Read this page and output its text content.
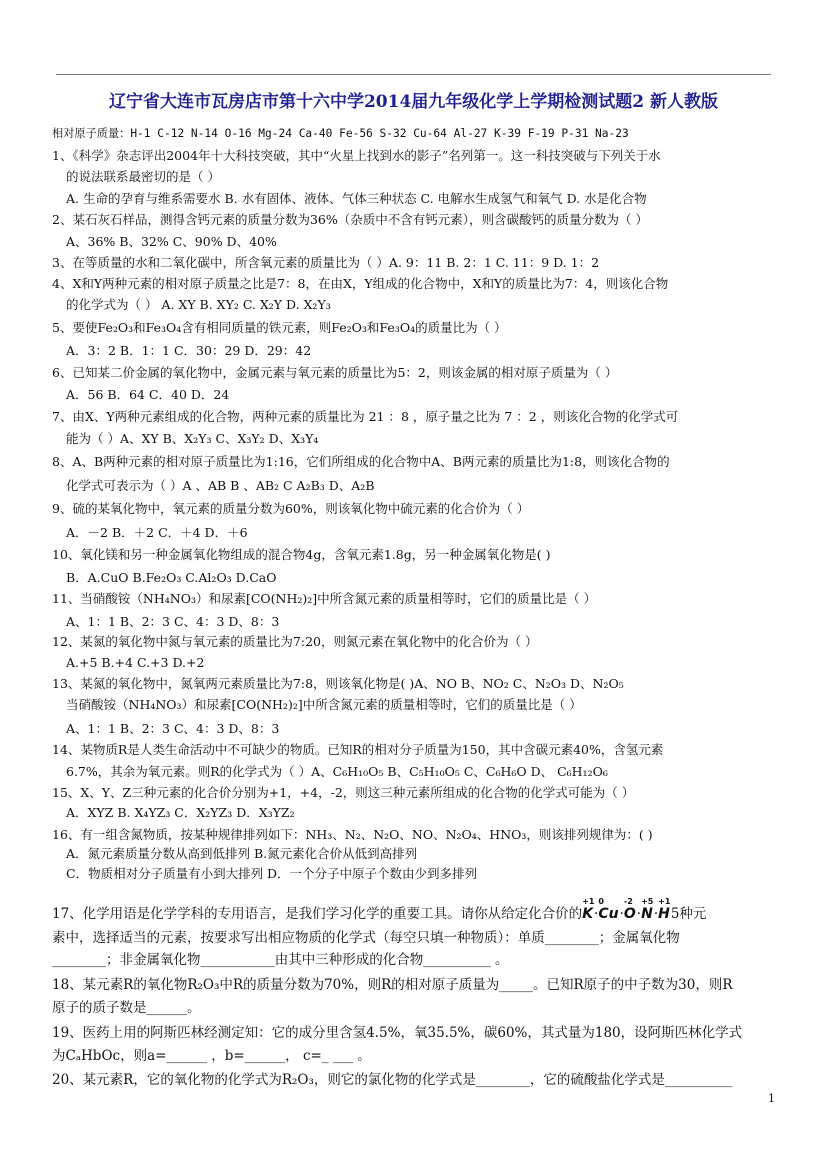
辽宁省大连市瓦房店市第十六中学2014届九年级化学上学期检测试题2 新人教版
相对原子质量：H-1 C-12 N-14 O-16 Mg-24 Ca-40 Fe-56 S-32 Cu-64 Al-27 K-39 F-19 P-31 Na-23
1、《科学》杂志评出2004年十大科技突破，其中“火星上找到水的影子”名列第一。这一科技突破与下列关于水
的说法联系最密切的是（ ）
A. 生命的孕育与维系需要水 B. 水有固体、液体、气体三种状态 C. 电解水生成氢气和氧气 D. 水是化合物
2、某石灰石样品，测得含钙元素的质量分数为36%（杂质中不含有钙元素），则含碳酸钙的质量分数为（ ）
A、36% B、32% C、90% D、40%
3、在等质量的水和二氧化碳中，所含氧元素的质量比为（ ）A. 9：11 B. 2：1 C. 11：9 D. 1：2
4、X和Y两种元素的相对原子质量之比是7：8，在由X，Y组成的化合物中，X和Y的质量比为7：4，则该化合物
的化学式为（ ） A. XY B. XY₂ C. X₂Y D. X₂Y₃
5、要使Fe₂O₃和Fe₃O₄含有相同质量的铁元素，则Fe₂O₃和Fe₃O₄的质量比为（ ）
A．3：2 B．1：1 C．30：29 D．29：42
6、已知某二价金属的氧化物中，金属元素与氧元素的质量比为5：2，则该金属的相对原子质量为（ ）
A．56 B．64 C．40 D．24
7、由X、Y两种元素组成的化合物，两种元素的质量比为 21 ：8 ，原子量之比为 7 ：2 ，则该化合物的化学式可
能为（ ）A、XY B、X₂Y₃ C、X₃Y₂ D、X₃Y₄
8、A、B两种元素的相对原子质量比为1:16，它们所组成的化合物中A、B两元素的质量比为1:8，则该化合物的
化学式可表示为（ ）A 、AB B 、AB₂ C A₂B₃ D、A₂B
9、硫的某氧化物中，氧元素的质量分数为60%，则该氧化物中硫元素的化合价为（ ）
A．－2 B．＋2 C．＋4 D．＋6
10、氧化镁和另一种金属氧化物组成的混合物4g，含氧元素1.8g，另一种金属氧化物是( )
B．A.CuO B.Fe₂O₃ C.Al₂O₃ D.CaO
11、当硝酸铵（NH₄NO₃）和尿素[CO(NH₂)₂]中所含氮元素的质量相等时，它们的质量比是（ ）
A、1：1 B、2：3 C、4：3 D、8：3
12、某氮的氧化物中氮与氧元素的质量比为7:20，则氮元素在氧化物中的化合价为（ ）
A.+5 B.+4 C.+3 D.+2
13、某氮的氧化物中，氮氧两元素质量比为7:8，则该氧化物是( )A、NO B、NO₂ C、N₂O₃ D、N₂O₅
当硝酸铵（NH₄NO₃）和尿素[CO(NH₂)₂]中所含氮元素的质量相等时，它们的质量比是（ ）
A、1：1 B、2：3 C、4：3 D、8：3
14、某物质R是人类生命活动中不可缺少的物质。已知R的相对分子质量为150，其中含碳元素40%，含氢元素
6.7%，其余为氧元素。则R的化学式为（ ）A、C₆H₁₀O₅ B、C₅H₁₀O₅ C、C₆H₆O D、 C₆H₁₂O₆
15、X、Y、Z三种元素的化合价分别为+1，+4，-2，则这三种元素所组成的化合物的化学式可能为（ ）
A．XYZ B. X₄YZ₃ C．X₂YZ₃ D．X₃YZ₂
16、有一组含氮物质，按某种规律排列如下：NH₃、N₂、N₂O、NO、N₂O₄、HNO₃，则该排列规律为：( )
A．氮元素质量分数从高到低排列 B.氮元素化合价从低到高排列
C．物质相对分子质量有小到大排列 D．一个分子中原子个数由少到多排列
17、化学用语是化学学科的专用语言，是我们学习化学的重要工具。请你从给定化合价的
+1
K·
0
Cu·
-2
O·
+5
N·
+1
H5种元
素中，选择适当的元素，按要求写出相应物质的化学式（每空只填一种物质）：单质________；金属氧化物
________；非金属氧化物___________由其中三种形成的化合物__________ 。
18、某元素R的氧化物R₂O₃中R的质量分数为70%，则R的相对原子质量为_____。已知R原子的中子数为30，则R
原子的质子数是______。
19、医药上用的阿斯匹林经测定知：它的成分里含氢4.5%，氧35.5%，碳60%，其式量为180，设阿斯匹林化学式
为CₐHbOc，则a=______ ，b=______， c=_ ___ 。
20、某元素R，它的氧化物的化学式为R₂O₃，则它的氯化物的化学式是________，它的硫酸盐化学式是__________
1
